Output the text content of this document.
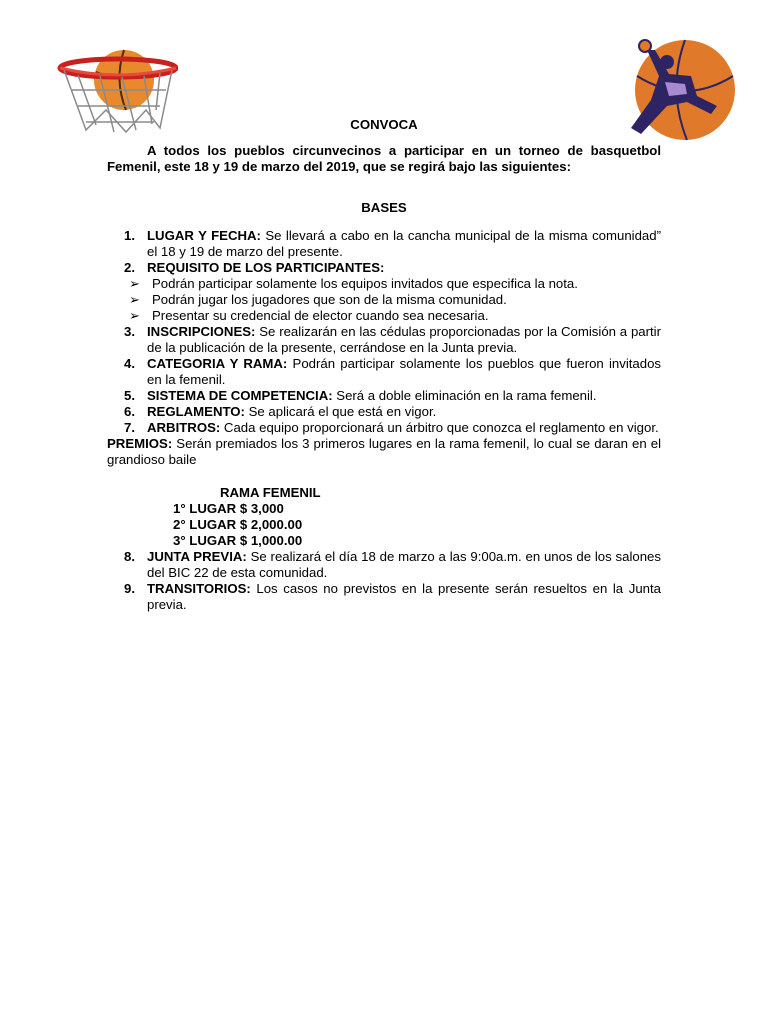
CONVOCA
A todos los pueblos circunvecinos a participar en un torneo de basquetbol Femenil, este 18 y 19 de marzo del 2019, que se regirá bajo las siguientes:
BASES
1. LUGAR Y FECHA: Se llevará a cabo en la cancha municipal de la misma comunidad” el 18 y 19 de marzo del presente.
2. REQUISITO DE LOS PARTICIPANTES:
➢ Podrán participar solamente los equipos invitados que especifica la nota.
➢ Podrán jugar los jugadores que son de la misma comunidad.
➢ Presentar su credencial de elector cuando sea necesaria.
3. INSCRIPCIONES: Se realizarán en las cédulas proporcionadas por la Comisión a partir de la publicación de la presente, cerrándose en la Junta previa.
4. CATEGORIA Y RAMA: Podrán participar solamente los pueblos que fueron invitados en la femenil.
5. SISTEMA DE COMPETENCIA: Será a doble eliminación en la rama femenil.
6. REGLAMENTO: Se aplicará el que está en vigor.
7. ARBITROS: Cada equipo proporcionará un árbitro que conozca el reglamento en vigor.
PREMIOS: Serán premiados los 3 primeros lugares en la rama femenil, lo cual se daran en el grandioso baile
RAMA FEMENIL
1° LUGAR $ 3,000
2° LUGAR $ 2,000.00
3° LUGAR $ 1,000.00
8. JUNTA PREVIA: Se realizará el día 18 de marzo a las 9:00a.m. en unos de los salones del BIC 22 de esta comunidad.
9. TRANSITORIOS: Los casos no previstos en la presente serán resueltos en la Junta previa.
